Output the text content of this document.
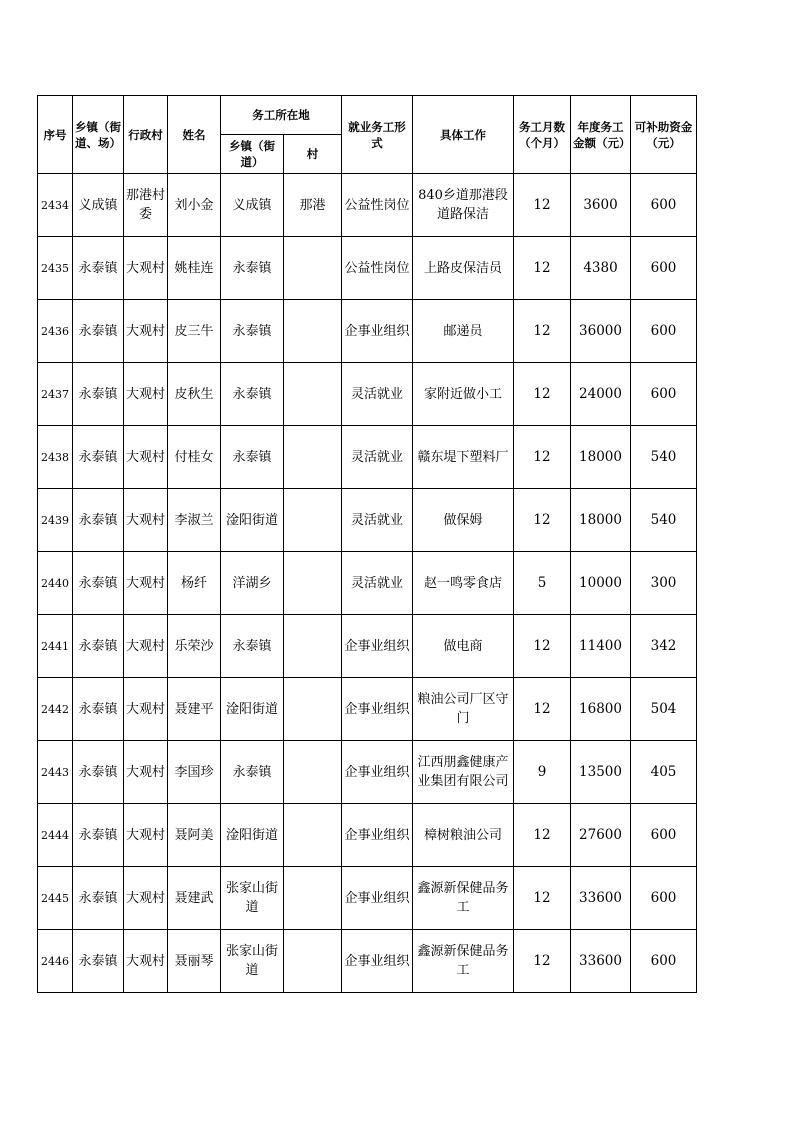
序号	乡镇（街道、场）	行政村	姓名	务工所在地		就业务工形式	具体工作	务工月数（个月）	年度务工金额（元）	可补助资金（元）
				乡镇（街道）	村					
2434	义成镇	那港村委	刘小金	义成镇	那港	公益性岗位	840乡道那港段道路保洁	12	3600	600
2435	永泰镇	大观村	姚桂连	永泰镇		公益性岗位	上路皮保洁员	12	4380	600
2436	永泰镇	大观村	皮三牛	永泰镇		企事业组织	邮递员	12	36000	600
2437	永泰镇	大观村	皮秋生	永泰镇		灵活就业	家附近做小工	12	24000	600
2438	永泰镇	大观村	付桂女	永泰镇		灵活就业	赣东堤下塑料厂	12	18000	540
2439	永泰镇	大观村	李淑兰	淦阳街道		灵活就业	做保姆	12	18000	540
2440	永泰镇	大观村	杨纤	洋湖乡		灵活就业	赵一鸣零食店	5	10000	300
2441	永泰镇	大观村	乐荣沙	永泰镇		企事业组织	做电商	12	11400	342
2442	永泰镇	大观村	聂建平	淦阳街道		企事业组织	粮油公司厂区守门	12	16800	504
2443	永泰镇	大观村	李国珍	永泰镇		企事业组织	江西朋鑫健康产业集团有限公司	9	13500	405
2444	永泰镇	大观村	聂阿美	淦阳街道		企事业组织	樟树粮油公司	12	27600	600
2445	永泰镇	大观村	聂建武	张家山街道		企事业组织	鑫源新保健品务工	12	33600	600
2446	永泰镇	大观村	聂丽琴	张家山街道		企事业组织	鑫源新保健品务工	12	33600	600
